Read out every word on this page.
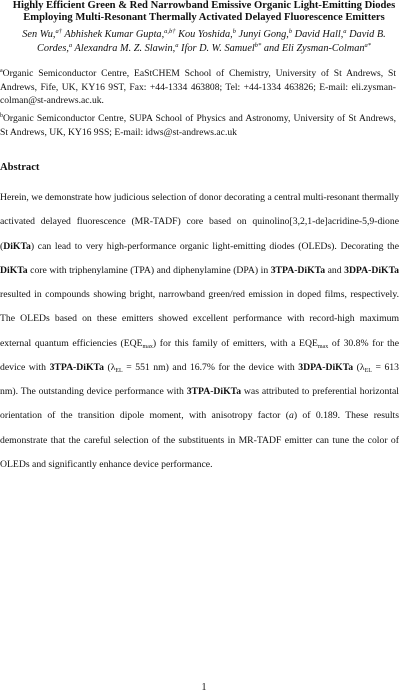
Highly Efficient Green & Red Narrowband Emissive Organic Light-Emitting Diodes
Employing Multi-Resonant Thermally Activated Delayed Fluorescence Emitters
Sen Wu,$^{a\dagger}$ Abhishek Kumar Gupta,$^{a,b\dagger}$ Kou Yoshida,$^b$ Junyi Gong,$^b$ David Hall,$^a$ David B. Cordes,$^a$ Alexandra M. Z. Slawin,$^a$ Ifor D. W. Samuel$^{b*}$ and Eli Zysman-Colman$^{a*}$

$^a$Organic Semiconductor Centre, EaStCHEM School of Chemistry, University of St Andrews, St Andrews, Fife, UK, KY16 9ST, Fax: +44-1334 463808; Tel: +44-1334 463826; E-mail: eli.zysman-colman@st-andrews.ac.uk.

$^b$Organic Semiconductor Centre, SUPA School of Physics and Astronomy, University of St Andrews, St Andrews, UK, KY16 9SS; E-mail: idws@st-andrews.ac.uk

Abstract
Herein, we demonstrate how judicious selection of donor decorating a central multi-resonant thermally activated delayed fluorescence (MR-TADF) core based on quinolino[3,2,1-de]acridine-5,9-dione (DiKTa) can lead to very high-performance organic light-emitting diodes (OLEDs). Decorating the DiKTa core with triphenylamine (TPA) and diphenylamine (DPA) in 3TPA-DiKTa and 3DPA-DiKTa resulted in compounds showing bright, narrowband green/red emission in doped films, respectively. The OLEDs based on these emitters showed excellent performance with record-high maximum external quantum efficiencies $(EQE_{max})$ for this family of emitters, with a $EQE_{max}$ of 30.8% for the device with 3TPA-DiKTa ($\lambda_{EL} = 551$ nm) and 16.7% for the device with 3DPA-DiKTa ($\lambda_{EL} = 613$ nm). The outstanding device performance with 3TPA-DiKTa was attributed to preferential horizontal orientation of the transition dipole moment, with anisotropy factor (a) of 0.189. These results demonstrate that the careful selection of the substituents in MR-TADF emitter can tune the color of OLEDs and significantly enhance device performance.
1
